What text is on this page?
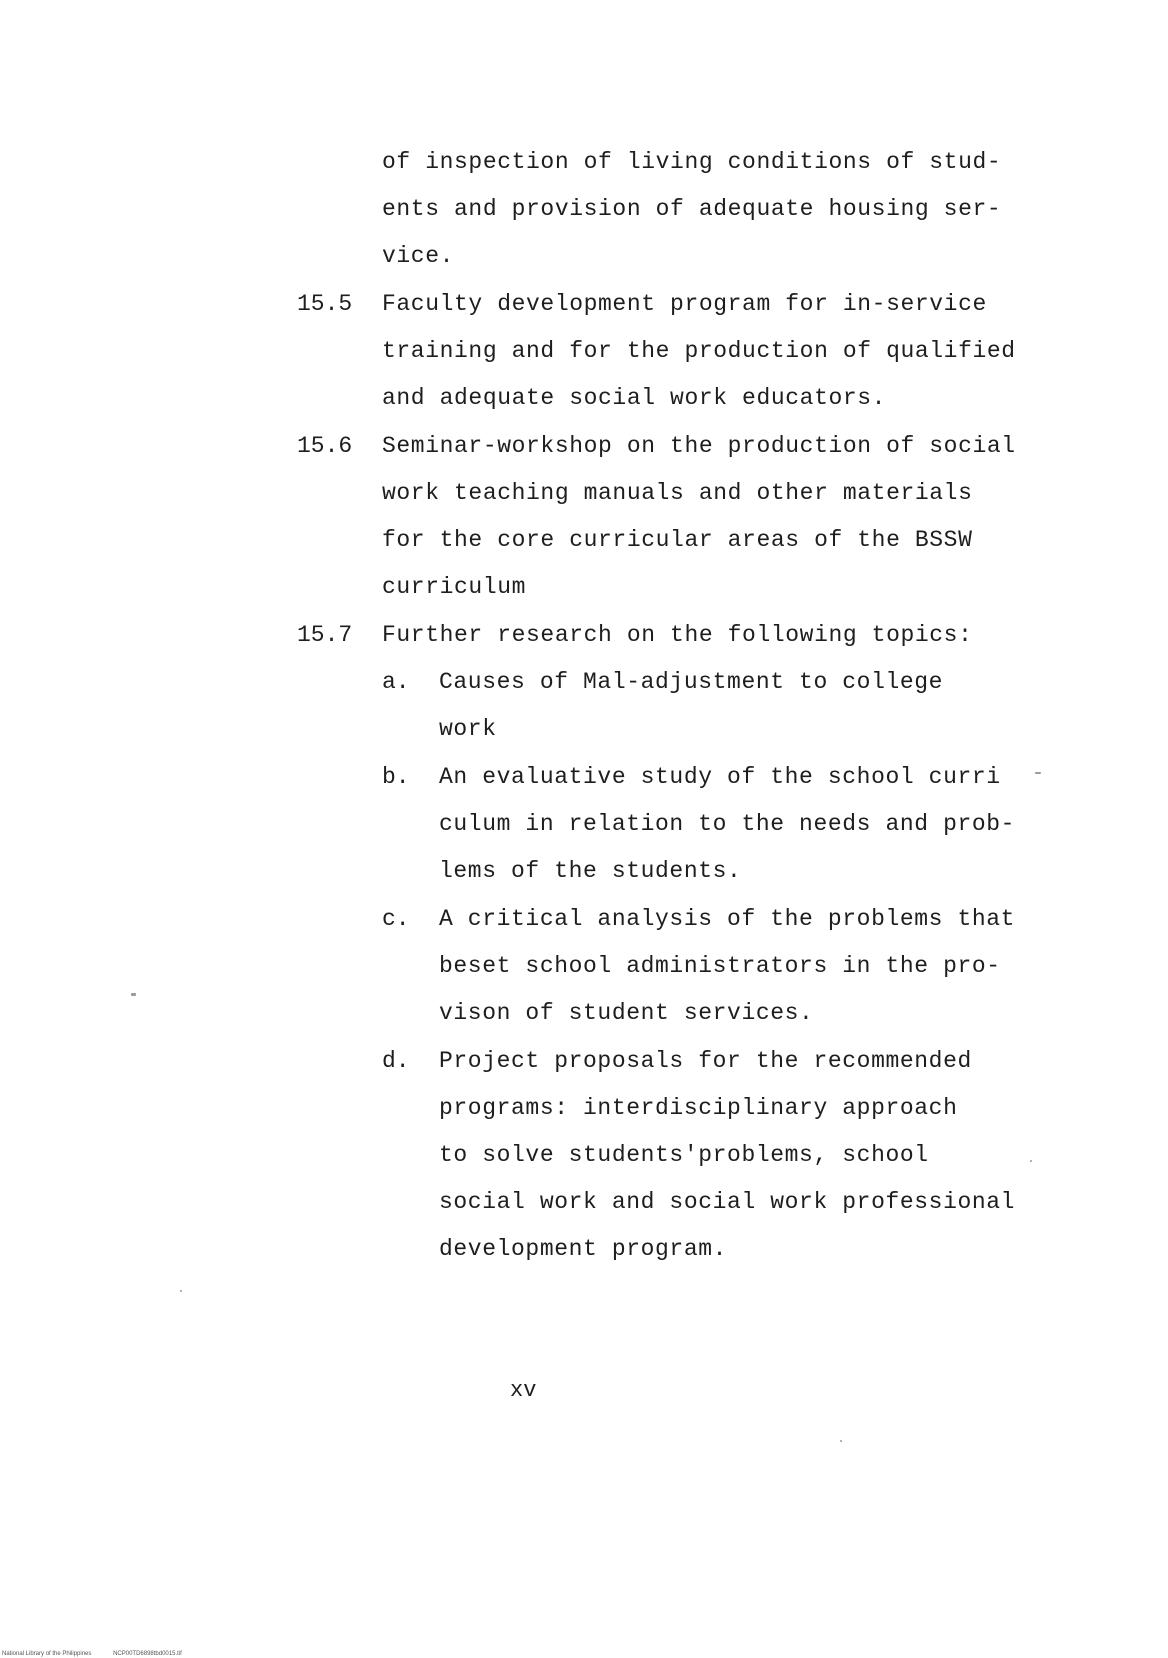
of inspection of living conditions of stud-
ents and provision of adequate housing ser-
vice.
15.5 Faculty development program for in-service
training and for the production of qualified
and adequate social work educators.
15.6 Seminar-workshop on the production of social
work teaching manuals and other materials
for the core curricular areas of the BSSW
curriculum
15.7 Further research on the following topics:
a. Causes of Mal-adjustment to college
work
b. An evaluative study of the school curri
culum in relation to the needs and prob-
lems of the students.
c. A critical analysis of the problems that
beset school administrators in the pro-
vison of student services.
d. Project proposals for the recommended
programs: interdisciplinary approach
to solve students'problems, school
social work and social work professional
development program.
xv
National Library of the Philippines	NCP00TD6898tbd0015.tif
